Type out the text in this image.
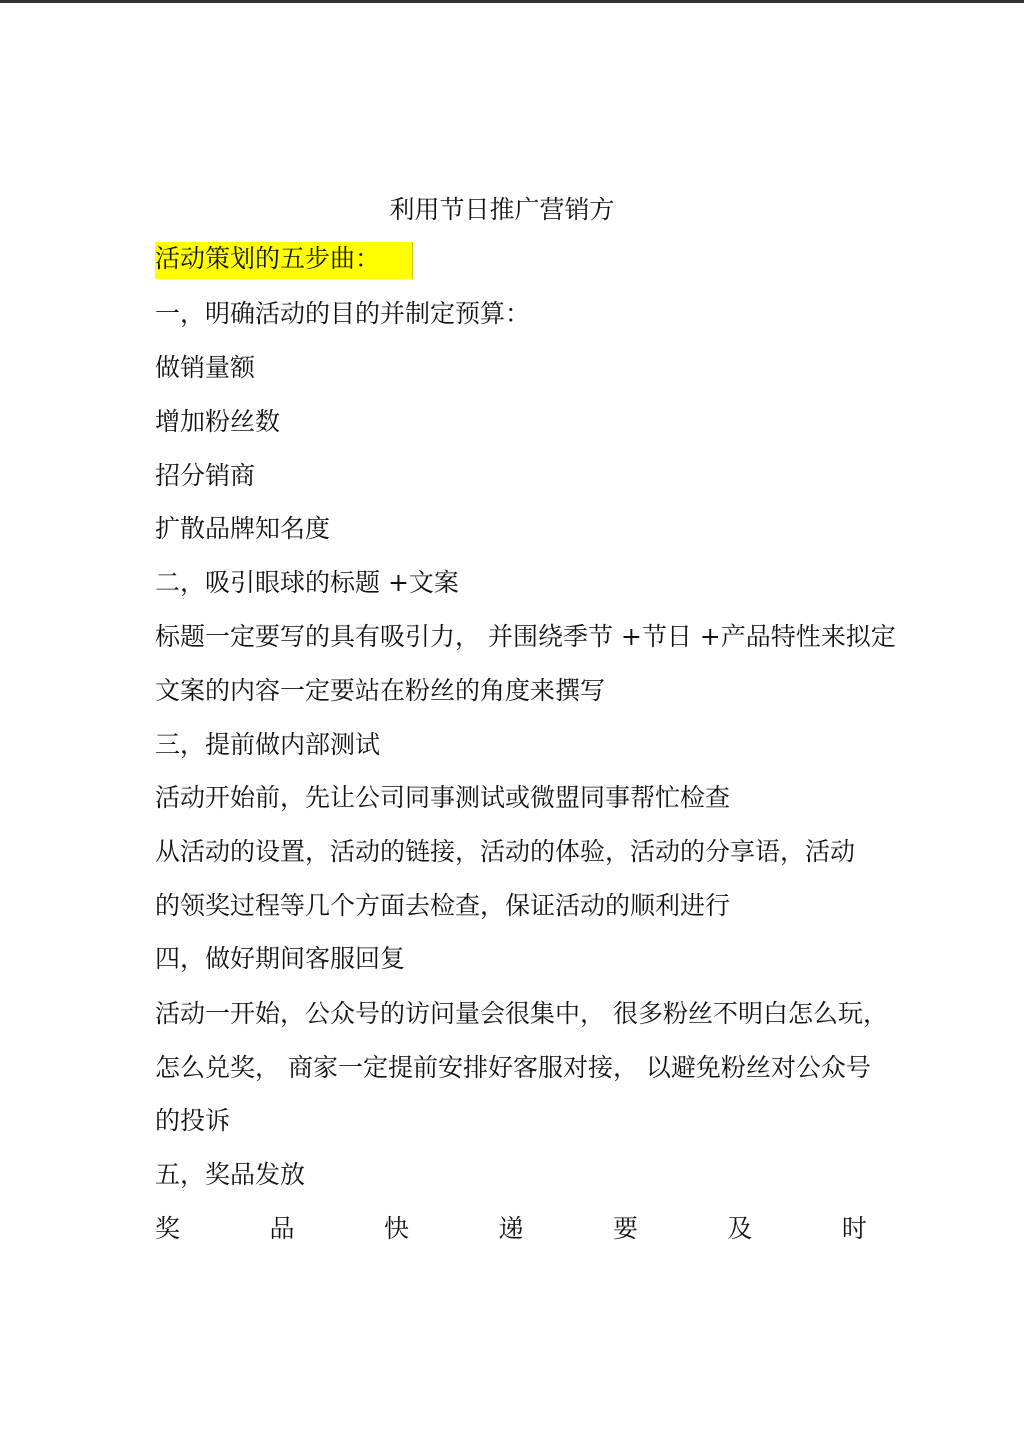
利用节日推广营销方
活动策划的五步曲：
一，明确活动的目的并制定预算：
做销量额
增加粉丝数
招分销商
扩散品牌知名度
二，吸引眼球的标题 +文案
标题一定要写的具有吸引力， 并围绕季节 +节日 +产品特性来拟定
文案的内容一定要站在粉丝的角度来撰写
三，提前做内部测试
活动开始前，先让公司同事测试或微盟同事帮忙检查
从活动的设置，活动的链接，活动的体验，活动的分享语，活动
的领奖过程等几个方面去检查，保证活动的顺利进行
四，做好期间客服回复
活动一开始，公众号的访问量会很集中， 很多粉丝不明白怎么玩，
怎么兑奖， 商家一定提前安排好客服对接， 以避免粉丝对公众号
的投诉
五，奖品发放
奖	品	快	递	要	及	时
